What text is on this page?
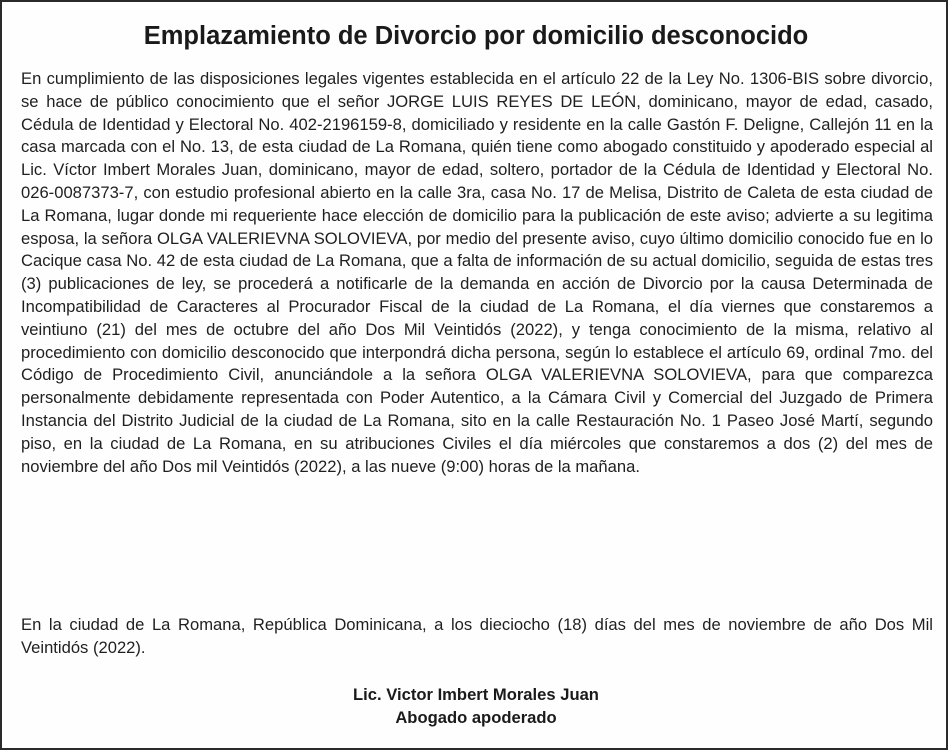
Emplazamiento de Divorcio por domicilio desconocido

En cumplimiento de las disposiciones legales vigentes establecida en el artículo 22 de la Ley No. 1306-BIS sobre divorcio, se hace de público conocimiento que el señor JORGE LUIS REYES DE LEÓN, dominicano, mayor de edad, casado, Cédula de Identidad y Electoral No. 402-2196159-8, domiciliado y residente en la calle Gastón F. Deligne, Callejón 11 en la casa marcada con el No. 13, de esta ciudad de La Romana, quién tiene como abogado constituido y apoderado especial al Lic. Víctor Imbert Morales Juan, dominicano, mayor de edad, soltero, portador de la Cédula de Identidad y Electoral No. 026-0087373-7, con estudio profesional abierto en la calle 3ra, casa No. 17 de Melisa, Distrito de Caleta de esta ciudad de La Romana, lugar donde mi requeriente hace elección de domicilio para la publicación de este aviso; advierte a su legitima esposa, la señora OLGA VALERIEVNA SOLOVIEVA, por medio del presente aviso, cuyo último domicilio conocido fue en lo Cacique casa No. 42 de esta ciudad de La Romana, que a falta de información de su actual domicilio, seguida de estas tres (3) publicaciones de ley, se procederá a notificarle de la demanda en acción de Divorcio por la causa Determinada de Incompatibilidad de Caracteres al Procurador Fiscal de la ciudad de La Romana, el día viernes que constaremos a veintiuno (21) del mes de octubre del año Dos Mil Veintidós (2022), y tenga conocimiento de la misma, relativo al procedimiento con domicilio desconocido que interpondrá dicha persona, según lo establece el artículo 69, ordinal 7mo. del Código de Procedimiento Civil, anunciándole a la señora OLGA VALERIEVNA SOLOVIEVA, para que comparezca personalmente debidamente representada con Poder Autentico, a la Cámara Civil y Comercial del Juzgado de Primera Instancia del Distrito Judicial de la ciudad de La Romana, sito en la calle Restauración No. 1 Paseo José Martí, segundo piso, en la ciudad de La Romana, en su atribuciones Civiles el día miércoles que constaremos a dos (2) del mes de noviembre del año Dos mil Veintidós (2022), a las nueve (9:00) horas de la mañana.

En la ciudad de La Romana, República Dominicana, a los dieciocho (18) días del mes de noviembre de año Dos Mil Veintidós (2022).

Lic. Victor Imbert Morales Juan
Abogado apoderado
